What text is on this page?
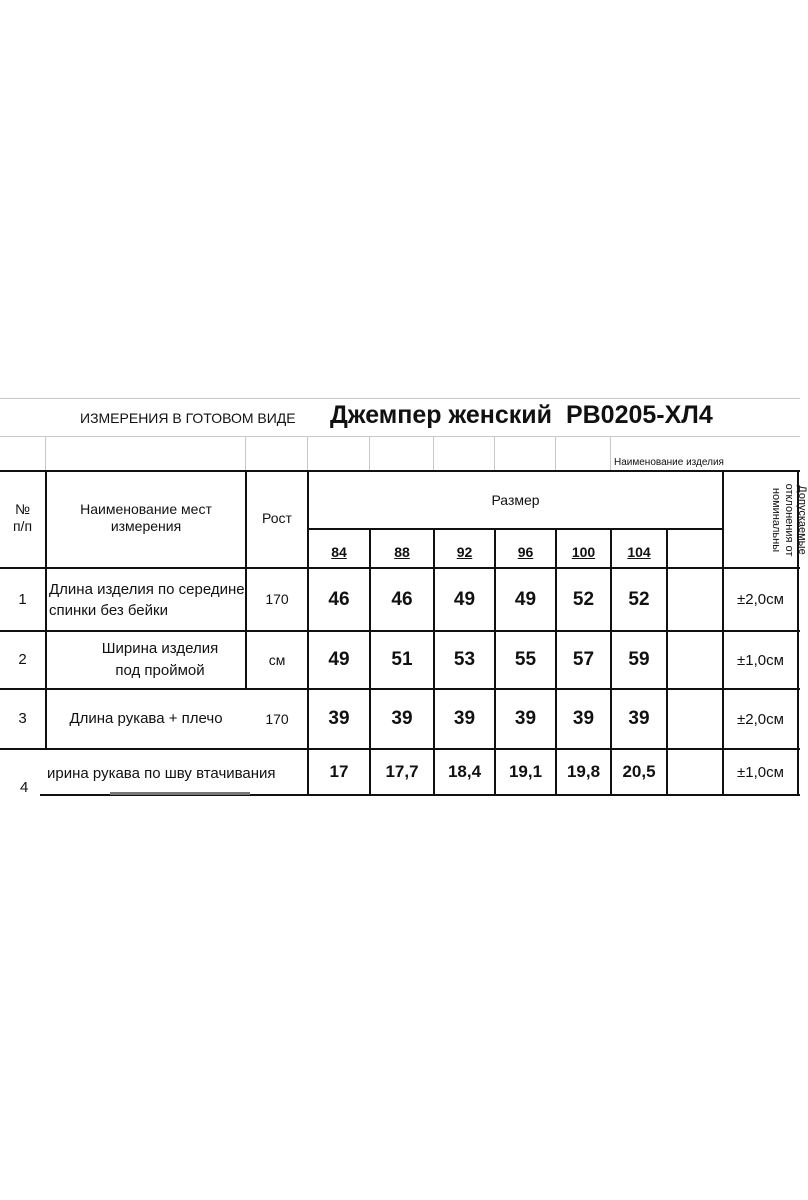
ИЗМЕРЕНИЯ В ГОТОВОМ ВИДЕ Джемпер женский  РВ0205-ХЛ4
Наименование изделия
№
п/п
Наименование мест измерения
Рост
Размер	Допускаемые отклонения от номинальны
84	88	92	96	100	104
1
Длина изделия по середине спинки без бейки
170	46	46	49	49	52	52	±2,0см
2
Ширина изделия под проймой
см	49	51	53	55	57	59	±1,0см
3	Длина рукава + плечо	170	39	39	39	39	39	39	±2,0см
4
ирина рукава по шву втачивания	17	17,7	18,4	19,1	19,8	20,5	±1,0см
